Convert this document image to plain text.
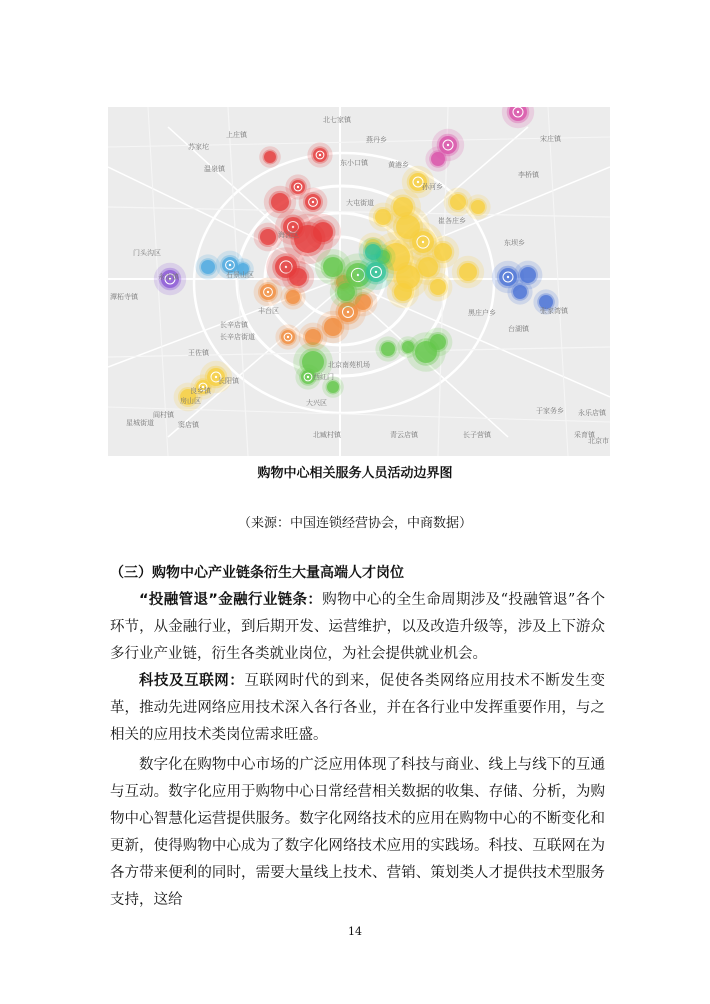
北七家镇
燕丹乡
上庄镇
苏家坨
温泉镇
东小口镇	黄港乡
孙河乡
李桥镇
宋庄镇
崔各庄乡
大屯街道
东坝乡
海淀区
门头沟区
石景山区
永定镇
潭柘寺镇
丰台区
长辛店镇
长辛店街道
王佐镇
长阳镇
良乡镇
房山区
阎村镇
星城街道	窦店镇
西红门
大兴区
北京南苑机场
黑庄户乡
台湖镇
张家湾镇
于家务乡 永乐店镇
北京市
采育镇
青云店镇	长子营镇
北臧村镇
购物中心相关服务人员活动边界图
（来源：中国连锁经营协会，中商数据）
（三）购物中心产业链条衍生大量高端人才岗位

“投融管退”金融行业链条：购物中心的全生命周期涉及“投融管退”各个环节，从金融行业，到后期开发、运营维护，以及改造升级等，涉及上下游众多行业产业链，衍生各类就业岗位，为社会提供就业机会。

科技及互联网：互联网时代的到来，促使各类网络应用技术不断发生变革，推动先进网络应用技术深入各行各业，并在各行业中发挥重要作用，与之相关的应用技术类岗位需求旺盛。

数字化在购物中心市场的广泛应用体现了科技与商业、线上与线下的互通与互动。数字化应用于购物中心日常经营相关数据的收集、存储、分析，为购物中心智慧化运营提供服务。数字化网络技术的应用在购物中心的不断变化和更新，使得购物中心成为了数字化网络技术应用的实践场。科技、互联网在为各方带来便利的同时，需要大量线上技术、营销、策划类人才提供技术型服务支持，这给

14
